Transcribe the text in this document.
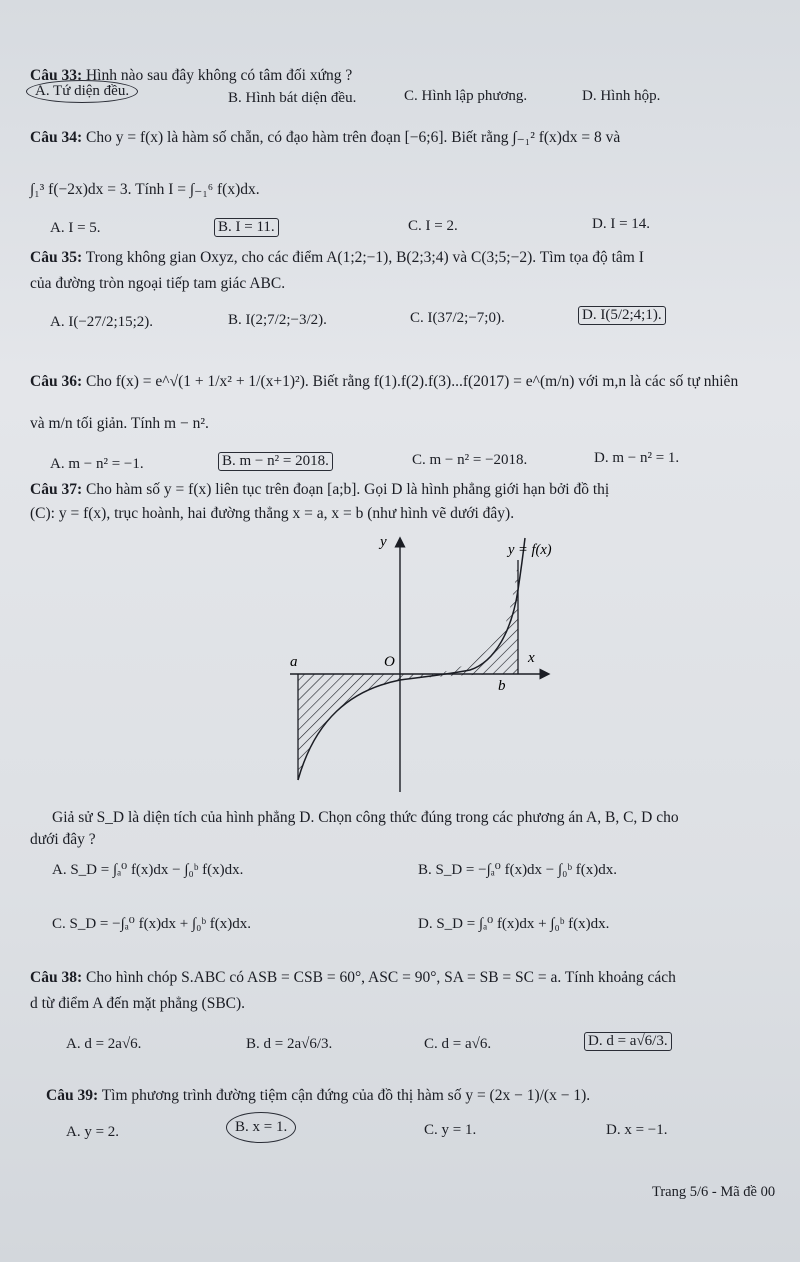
Câu 33: Hình nào sau đây không có tâm đối xứng ?
A. Tứ diện đều.	B. Hình bát diện đều.	C. Hình lập phương.	D. Hình hộp.
Câu 34: Cho y = f(x) là hàm số chẵn, có đạo hàm trên đoạn [−6;6]. Biết rằng ∫₋₁² f(x)dx = 8 và
∫₁³ f(−2x)dx = 3. Tính I = ∫₋₁⁶ f(x)dx.
A. I = 5.	B. I = 11.	C. I = 2.	D. I = 14.
Câu 35: Trong không gian Oxyz, cho các điểm A(1;2;−1), B(2;3;4) và C(3;5;−2). Tìm tọa độ tâm I
của đường tròn ngoại tiếp tam giác ABC.
A. I(−27/2;15;2).	B. I(2;7/2;−3/2).	C. I(37/2;−7;0).	D. I(5/2;4;1).
Câu 36: Cho f(x) = e^√(1 + 1/x² + 1/(x+1)²). Biết rằng f(1).f(2).f(3)...f(2017) = e^(m/n) với m,n là các số tự nhiên
và m/n tối giản. Tính m − n².
A. m − n² = −1.	B. m − n² = 2018.	C. m − n² = −2018.	D. m − n² = 1.
Câu 37: Cho hàm số y = f(x) liên tục trên đoạn [a;b]. Gọi D là hình phẳng giới hạn bởi đồ thị
(C): y = f(x), trục hoành, hai đường thẳng x = a, x = b (như hình vẽ dưới đây).
y
x
y = f(x)
a	O
b
Giả sử S_D là diện tích của hình phẳng D. Chọn công thức đúng trong các phương án A, B, C, D cho
dưới đây ?
A. S_D = ∫ₐ⁰ f(x)dx − ∫₀ᵇ f(x)dx.	B. S_D = −∫ₐ⁰ f(x)dx − ∫₀ᵇ f(x)dx.
C. S_D = −∫ₐ⁰ f(x)dx + ∫₀ᵇ f(x)dx.	D. S_D = ∫ₐ⁰ f(x)dx + ∫₀ᵇ f(x)dx.
Câu 38: Cho hình chóp S.ABC có ASB = CSB = 60°, ASC = 90°, SA = SB = SC = a. Tính khoảng cách
d từ điểm A đến mặt phẳng (SBC).
A. d = 2a√6.	B. d = 2a√6/3.	C. d = a√6.	D. d = a√6/3.
Câu 39: Tìm phương trình đường tiệm cận đứng của đồ thị hàm số y = (2x − 1)/(x − 1).
A. y = 2.	B. x = 1.	C. y = 1.	D. x = −1.
Trang 5/6 - Mã đề 00
